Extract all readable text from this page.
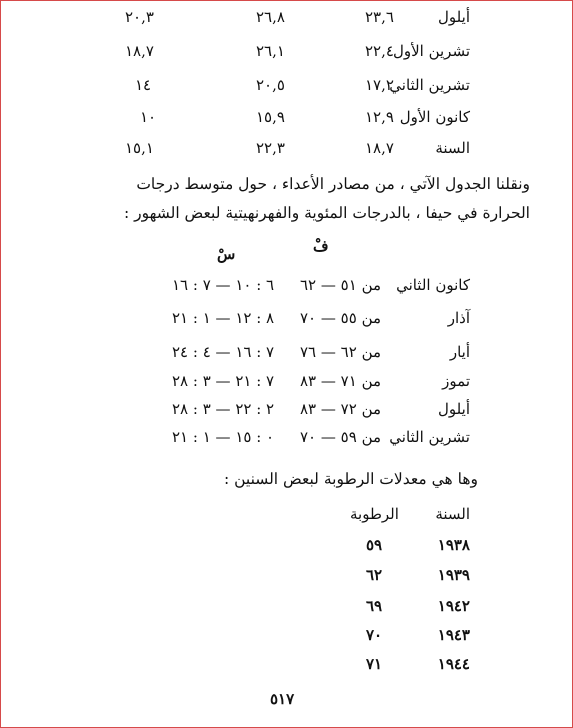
أيلول
٢٣,٦
٢٦,٨
٢٠,٣
تشرين الأول
٢٢,٤
٢٦,١
١٨,٧
تشرين الثاني
١٧,٢
٢٠,٥
١٤
كانون الأول
١٢,٩
١٥,٩
١٠
السنة
١٨,٧
٢٢,٣
١٥,١
ونقلنا الجدول الآتي ، من مصادر الأعداء ، حول متوسط درجات
الحرارة في حيفا ، بالدرجات المئوية والفهرنهيتية لبعض الشهور :
فْ
سْ
كانون الثاني
من ٥١ — ٦٢
٦ : ١٠ — ٧ : ١٦
آذار
من ٥٥ — ٧٠
٨ : ١٢ — ١ : ٢١
أيار
من ٦٢ — ٧٦
٧ : ١٦ — ٤ : ٢٤
تموز
من ٧١ — ٨٣
٧ : ٢١ — ٣ : ٢٨
أيلول
من ٧٢ — ٨٣
٢ : ٢٢ — ٣ : ٢٨
تشرين الثاني
من ٥٩ — ٧٠
٠ : ١٥ — ١ : ٢١
وها هي معدلات الرطوبة لبعض السنين :
السنة
الرطوبة
١٩٣٨
٥٩
١٩٣٩
٦٢
١٩٤٢
٦٩
١٩٤٣
٧٠
١٩٤٤
٧١
٥١٧
